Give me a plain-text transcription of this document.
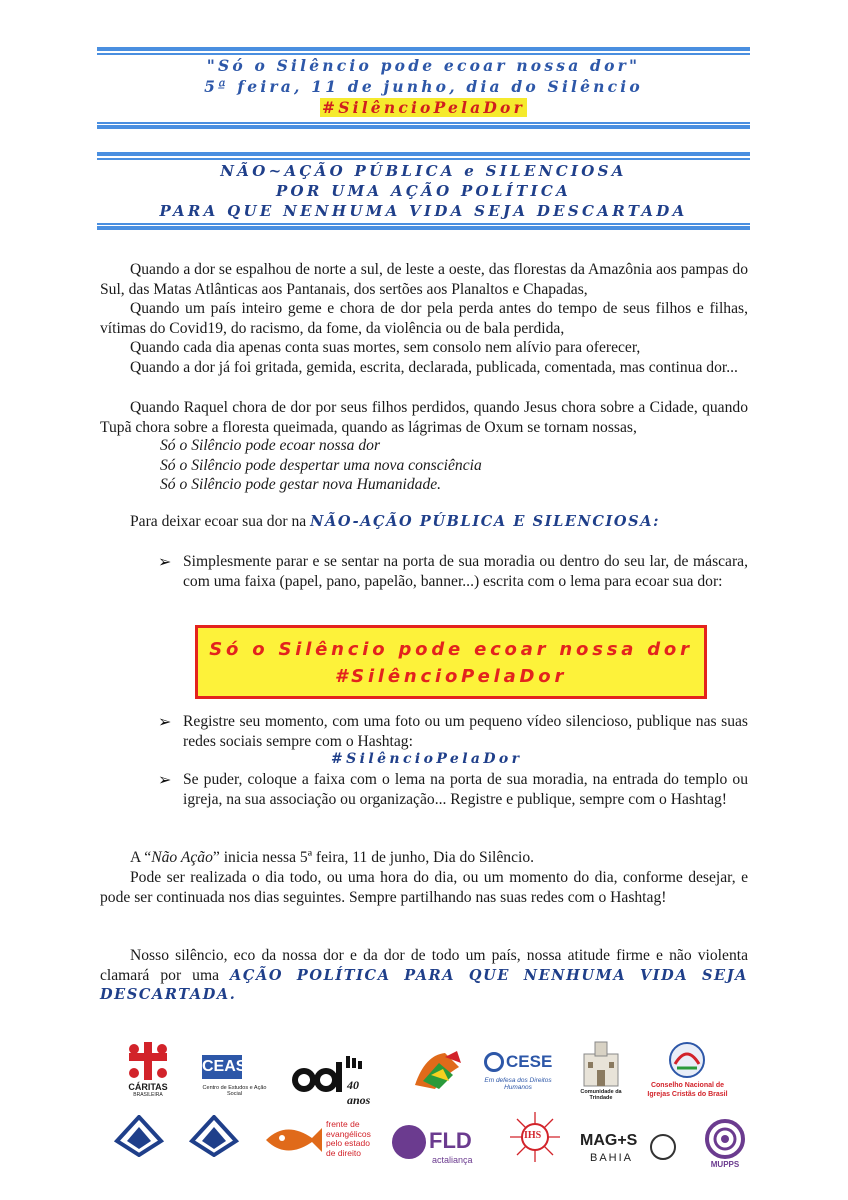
"Só o Silêncio pode ecoar nossa dor"
5ª feira, 11 de junho, dia do Silêncio
#SilêncioPelaDor
NÃO~AÇÃO PÚBLICA e SILENCIOSA
POR UMA AÇÃO POLÍTICA
PARA QUE NENHUMA VIDA SEJA DESCARTADA
Quando a dor se espalhou de norte a sul, de leste a oeste, das florestas da Amazônia aos pampas do Sul, das Matas Atlânticas aos Pantanais, dos sertões aos Planaltos e Chapadas,
Quando um país inteiro geme e chora de dor pela perda antes do tempo de seus filhos e filhas, vítimas do Covid19, do racismo, da fome, da violência ou de bala perdida,
Quando cada dia apenas conta suas mortes, sem consolo nem alívio para oferecer,
Quando a dor já foi gritada, gemida, escrita, declarada, publicada, comentada, mas continua dor...
Quando Raquel chora de dor por seus filhos perdidos, quando Jesus chora sobre a Cidade, quando Tupã chora sobre a floresta queimada, quando as lágrimas de Oxum se tornam nossas,
Só o Silêncio pode ecoar nossa dor
Só o Silêncio pode despertar uma nova consciência
Só o Silêncio pode gestar nova Humanidade.
Para deixar ecoar sua dor na NÃO-AÇÃO PÚBLICA E SILENCIOSA:
➢ Simplesmente parar e se sentar na porta de sua moradia ou dentro do seu lar, de máscara, com uma faixa (papel, pano, papelão, banner...) escrita com o lema para ecoar sua dor:
Só o Silêncio pode ecoar nossa dor
#SilêncioPelaDor
➢ Registre seu momento, com uma foto ou um pequeno vídeo silencioso, publique nas suas redes sociais sempre com o Hashtag:
#SilêncioPelaDor
➢ Se puder, coloque a faixa com o lema na porta de sua moradia, na entrada do templo ou igreja, na sua associação ou organização... Registre e publique, sempre com o Hashtag!
A “Não Ação” inicia nessa 5ª feira, 11 de junho, Dia do Silêncio.
Pode ser realizada o dia todo, ou uma hora do dia, ou um momento do dia, conforme desejar, e pode ser continuada nos dias seguintes. Sempre partilhando nas suas redes com o Hashtag!
Nosso silêncio, eco da nossa dor e da dor de todo um país, nossa atitude firme e não violenta clamará por uma AÇÃO POLÍTICA PARA QUE NENHUMA VIDA SEJA DESCARTADA.
CÁRITAS
BRASILEIRA
CEAS
Centro de Estudos e Ação Social
40 anos
CESE
Em defesa dos Direitos Humanos
Comunidade da Trindade
Conselho Nacional de
Igrejas Cristãs do Brasil
frente de
evangélicos
pelo estado
de direito	FLD
actaliança
IHS MAG+S
BAHIA
MUPPS
